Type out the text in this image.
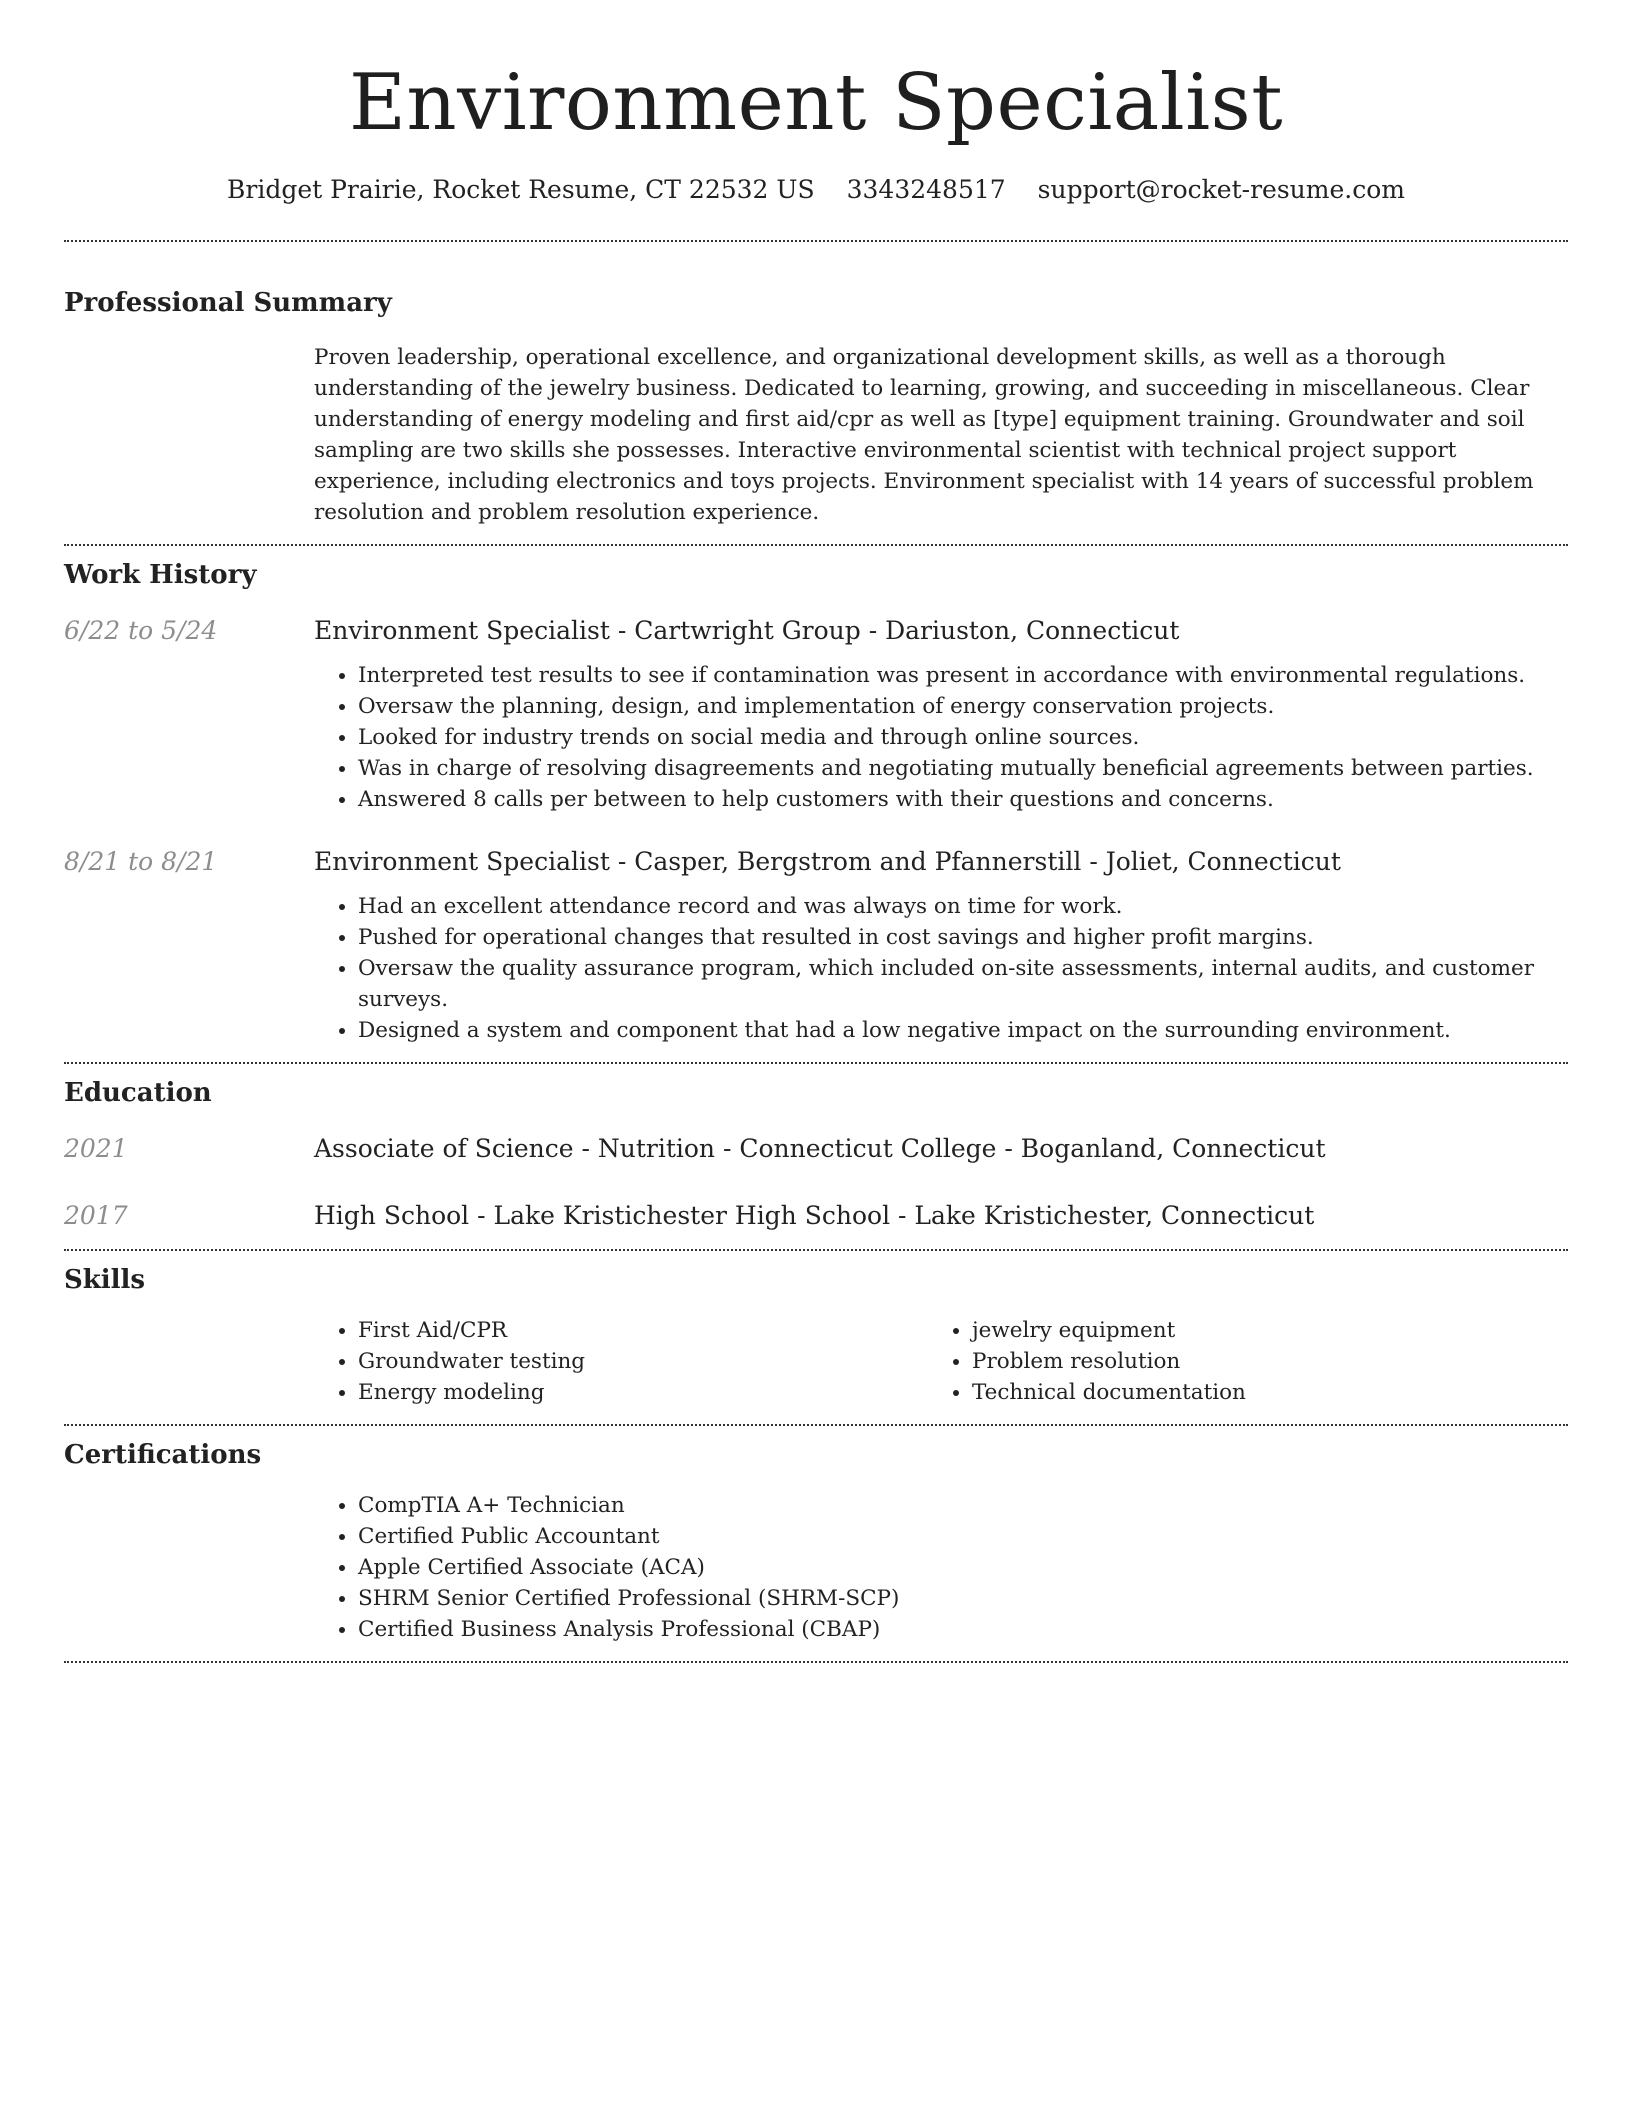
Environment Specialist
Bridget Prairie, Rocket Resume, CT 22532 US 3343248517 support@rocket-resume.com
Professional Summary

Proven leadership, operational excellence, and organizational development skills, as well as a thorough understanding of the jewelry business. Dedicated to learning, growing, and succeeding in miscellaneous. Clear understanding of energy modeling and first aid/cpr as well as [type] equipment training. Groundwater and soil sampling are two skills she possesses. Interactive environmental scientist with technical project support experience, including electronics and toys projects. Environment specialist with 14 years of successful problem resolution and problem resolution experience.

Work History
6/22 to 5/24	Environment Specialist - Cartwright Group - Dariuston, Connecticut
• Interpreted test results to see if contamination was present in accordance with environmental regulations.
• Oversaw the planning, design, and implementation of energy conservation projects.
• Looked for industry trends on social media and through online sources.
• Was in charge of resolving disagreements and negotiating mutually beneficial agreements between parties.
• Answered 8 calls per between to help customers with their questions and concerns.
8/21 to 8/21	Environment Specialist - Casper, Bergstrom and Pfannerstill - Joliet, Connecticut
• Had an excellent attendance record and was always on time for work.
• Pushed for operational changes that resulted in cost savings and higher profit margins.
• Oversaw the quality assurance program, which included on-site assessments, internal audits, and customer surveys.
• Designed a system and component that had a low negative impact on the surrounding environment.
Education
2021	Associate of Science - Nutrition - Connecticut College - Boganland, Connecticut
2017	High School - Lake Kristichester High School - Lake Kristichester, Connecticut
Skills
• First Aid/CPR
• Groundwater testing
• Energy modeling
• jewelry equipment
• Problem resolution
• Technical documentation
Certifications
• CompTIA A+ Technician
• Certified Public Accountant
• Apple Certified Associate (ACA)
• SHRM Senior Certified Professional (SHRM-SCP)
• Certified Business Analysis Professional (CBAP)
